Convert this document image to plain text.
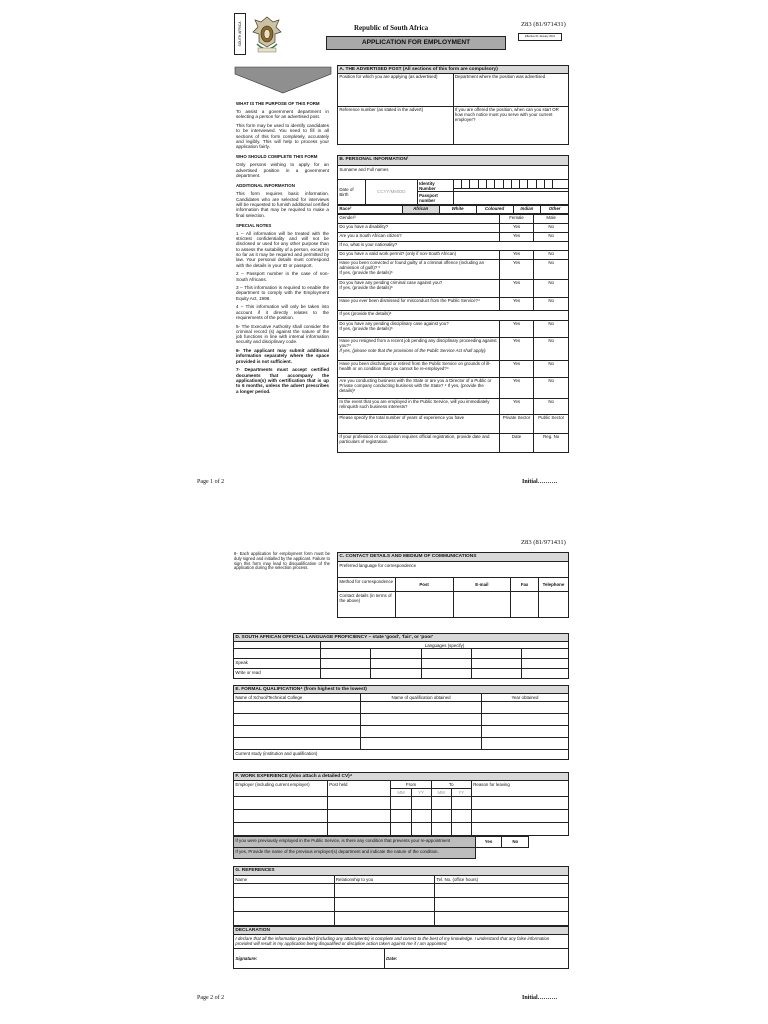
SOUTH AFRICA	Republic of South Africa
APPLICATION FOR EMPLOYMENT
Z83 (81/971431)
Effective 01 January 2021
WHAT IS THE PURPOSE OF THIS FORM

To assist a government department in selecting a person for an advertised post.

This form may be used to identify candidates to be interviewed. You need to fill in all sections of this form completely, accurately and legibly. This will help to process your application fairly.

WHO SHOULD COMPLETE THIS FORM

Only persons wishing to apply for an advertised position in a government department.

ADDITIONAL INFORMATION

This form requires basic information. Candidates who are selected for interviews will be requested to furnish additional certified information that may be required to make a final selection.

SPECIAL NOTES

1 – All information will be treated with the strictest confidentiality and will not be disclosed or used for any other purpose than to assess the suitability of a person, except in so far as it may be required and permitted by law. Your personal details must correspond with the details in your ID or passport.

2 – Passport number in the case of non-South Africans.

3 – This information is required to enable the department to comply with the Employment Equity Act, 1998.

4 – This information will only be taken into account if it directly relates to the requirements of the position.

5- The Executive Authority shall consider the criminal record (s) against the nature of the job functions in line with internal information security and disciplinary code.

6- The applicant may submit additional information separately where the space provided is not sufficient.

7- Departments must accept certified documents that accompany the application(s) with certification that is up to 6 months, unless the advert prescribes a longer period.

A. THE ADVERTISED POST (All sections of this form are compulsory)	
Position for which you are applying (as advertised)	Department where the position was advertised
Reference number (as stated in the advert)	If you are offered the position, when can you start OR how much notice must you serve with your current employer?
B. PERSONAL INFORMATION¹															
Surname and Full names															
Date of Birth	CCYY/MM/DD	Identity Number													

		Passport number													
Race³	African	White	Coloured	Indian	Other
Gender³	Female	Male
Do you have a disability?	Yes	No
Are you a South African citizen?	Yes	No
If no, what is your nationality?		
Do you have a valid work permit? (only if non-South African)	Yes	No

Have you been convicted or found guilty of a criminal offence (including an admission of guilt)? ⁵
If yes, (provide the details)⁶	Yes	No

Do you have any pending criminal case against you?
If yes, (provide the details)⁶	Yes	No
Have you ever been dismissed for misconduct from the Public Service?⁴	Yes	No
If yes (provide the details)⁶		

Do you have any pending disciplinary case against you?
If yes, (provide the details)⁶	Yes	No

Have you resigned from a recent job pending any disciplinary proceeding against you?⁴
If yes, (please note that the provisions of the Public Service Act shall apply).	Yes	No
Have you been discharged or retired from the Public Service on grounds of ill-health or on condition that you cannot be re-employed?⁴	Yes	No
Are you conducting business with the State or are you a Director of a Public or Private company conducting business with the State? ⁴ If yes, (provide the details)⁶	Yes	No
In the event that you are employed in the Public Service, will you immediately relinquish such business interests?	Yes	No
Please specify the total number of years of experience you have	Private Sector	Public Sector
If your profession or occupation requires official registration, provide date and particulars of registration	Date	Reg. No
Page 1 of 2	Initial……….
Z83 (81/971431)
8- Each application for employment form must be duly signed and initialled by the applicant. Failure to sign this form may lead to disqualification of the application during the selection process.
C. CONTACT DETAILS AND MEDIUM OF COMMUNICATIONS				
Preferred language for correspondence				
Method for correspondence	Post	E-mail	Fax	Telephone
Contact details (in terms of the above)				
D. SOUTH AFRICAN OFFICIAL LANGUAGE PROFICIENCY – state 'good', 'fair', or 'poor'					
	Languages (specify)				

Speak					
Write or read					
E. FORMAL QUALIFICATION⁴ (from highest to the lowest)		
Name of School/Technical College	Name of qualification obtained	Year obtained

Current study (institution and qualification)		
F. WORK EXPERIENCE (Also attach a detailed CV)⁴						
Employer (including current employer)	Post held	From		To		Reason for leaving
		MM	YY	MM	YY	

If you were previously employed in the Public Service, is there any condition that prevents your re-appointment	Yes	No	
If yes, Provide the name of the previous employer(s) department and indicate the nature of the condition.			
G. REFERENCES		
Name	Relationship to you	Tel. No. (office hours)

DECLARATION
I declare that all the information provided (including any attachments) is complete and correct to the best of my knowledge. I understand that any false information provided will result in my application being disqualified or discipline action taken against me if I am appointed.
Signature:	Date:
Page 2 of 2	Initial……….
